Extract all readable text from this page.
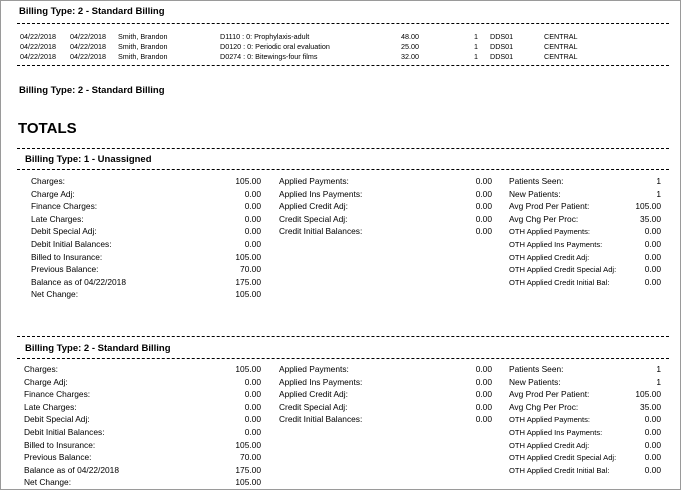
Billing Type: 2 - Standard Billing
04/22/2018 04/22/2018 Smith, Brandon	D1110 : 0: Prophylaxis-adult	48.00	1 DDS01	CENTRAL
04/22/2018 04/22/2018 Smith, Brandon	D0120 : 0: Periodic oral evaluation	25.00	1 DDS01	CENTRAL
04/22/2018 04/22/2018 Smith, Brandon	D0274 : 0: Bitewings-four films	32.00	1 DDS01	CENTRAL
Billing Type: 2 - Standard Billing
TOTALS
Billing Type: 1 - Unassigned
Charges:	105.00
Charge Adj:	0.00
Finance Charges:	0.00
Late Charges:	0.00
Debit Special Adj:	0.00
Debit Initial Balances:	0.00
Billed to Insurance:	105.00
Previous Balance:	70.00
Balance as of 04/22/2018	175.00
Net Change:	105.00
Applied Payments:	0.00
Applied Ins Payments:	0.00
Applied Credit Adj:	0.00
Credit Special Adj:	0.00
Credit Initial Balances:	0.00
Patients Seen:	1
New Patients:	1
Avg Prod Per Patient:	105.00
Avg Chg Per Proc:	35.00
OTH Applied Payments:	0.00
OTH Applied Ins Payments:	0.00
OTH Applied Credit Adj:	0.00
OTH Applied Credit Special Adj:	0.00
OTH Applied Credit Initial Bal:	0.00
Billing Type: 2 - Standard Billing
Charges:	105.00
Charge Adj:	0.00
Finance Charges:	0.00
Late Charges:	0.00
Debit Special Adj:	0.00
Debit Initial Balances:	0.00
Billed to Insurance:	105.00
Previous Balance:	70.00
Balance as of 04/22/2018	175.00
Net Change:	105.00
Applied Payments:	0.00
Applied Ins Payments:	0.00
Applied Credit Adj:	0.00
Credit Special Adj:	0.00
Credit Initial Balances:	0.00
Patients Seen:	1
New Patients:	1
Avg Prod Per Patient:	105.00
Avg Chg Per Proc:	35.00
OTH Applied Payments:	0.00
OTH Applied Ins Payments:	0.00
OTH Applied Credit Adj:	0.00
OTH Applied Credit Special Adj:	0.00
OTH Applied Credit Initial Bal:	0.00
